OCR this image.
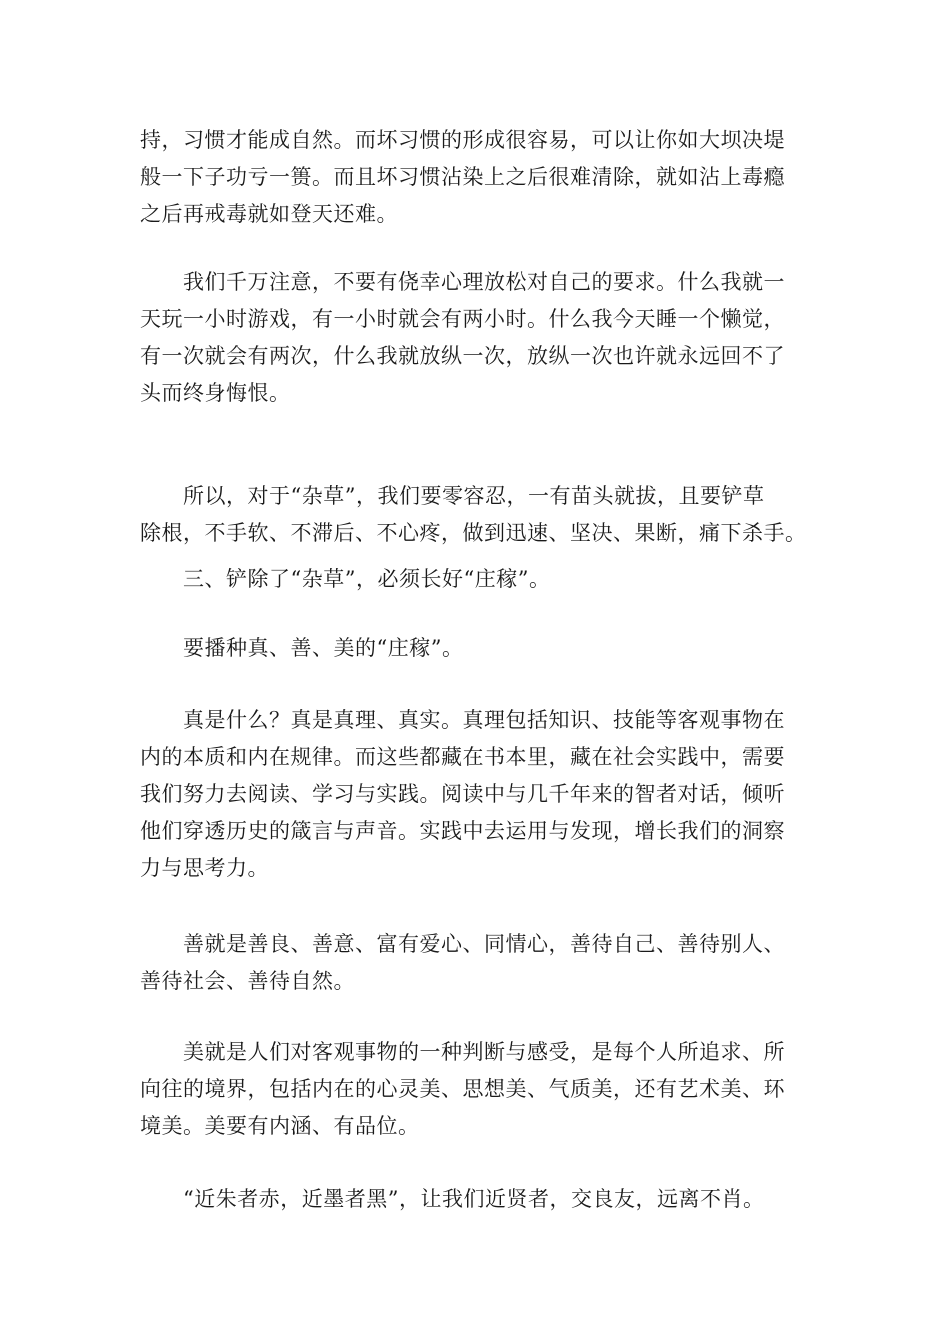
持，习惯才能成自然。而坏习惯的形成很容易，可以让你如大坝决堤
般一下子功亏一篑。而且坏习惯沾染上之后很难清除，就如沾上毒瘾
之后再戒毒就如登天还难。
　　我们千万注意，不要有侥幸心理放松对自己的要求。什么我就一
天玩一小时游戏，有一小时就会有两小时。什么我今天睡一个懒觉，
有一次就会有两次，什么我就放纵一次，放纵一次也许就永远回不了
头而终身悔恨。
　　所以，对于“杂草”，我们要零容忍，一有苗头就拔，且要铲草
除根，不手软、不滞后、不心疼，做到迅速、坚决、果断，痛下杀手。
　　三、铲除了“杂草”，必须长好“庄稼”。
　　要播种真、善、美的“庄稼”。
　　真是什么？真是真理、真实。真理包括知识、技能等客观事物在
内的本质和内在规律。而这些都藏在书本里，藏在社会实践中，需要
我们努力去阅读、学习与实践。阅读中与几千年来的智者对话，倾听
他们穿透历史的箴言与声音。实践中去运用与发现，增长我们的洞察
力与思考力。
　　善就是善良、善意、富有爱心、同情心，善待自己、善待别人、
善待社会、善待自然。
　　美就是人们对客观事物的一种判断与感受，是每个人所追求、所
向往的境界，包括内在的心灵美、思想美、气质美，还有艺术美、环
境美。美要有内涵、有品位。
　　“近朱者赤，近墨者黑”，让我们近贤者，交良友，远离不肖。
